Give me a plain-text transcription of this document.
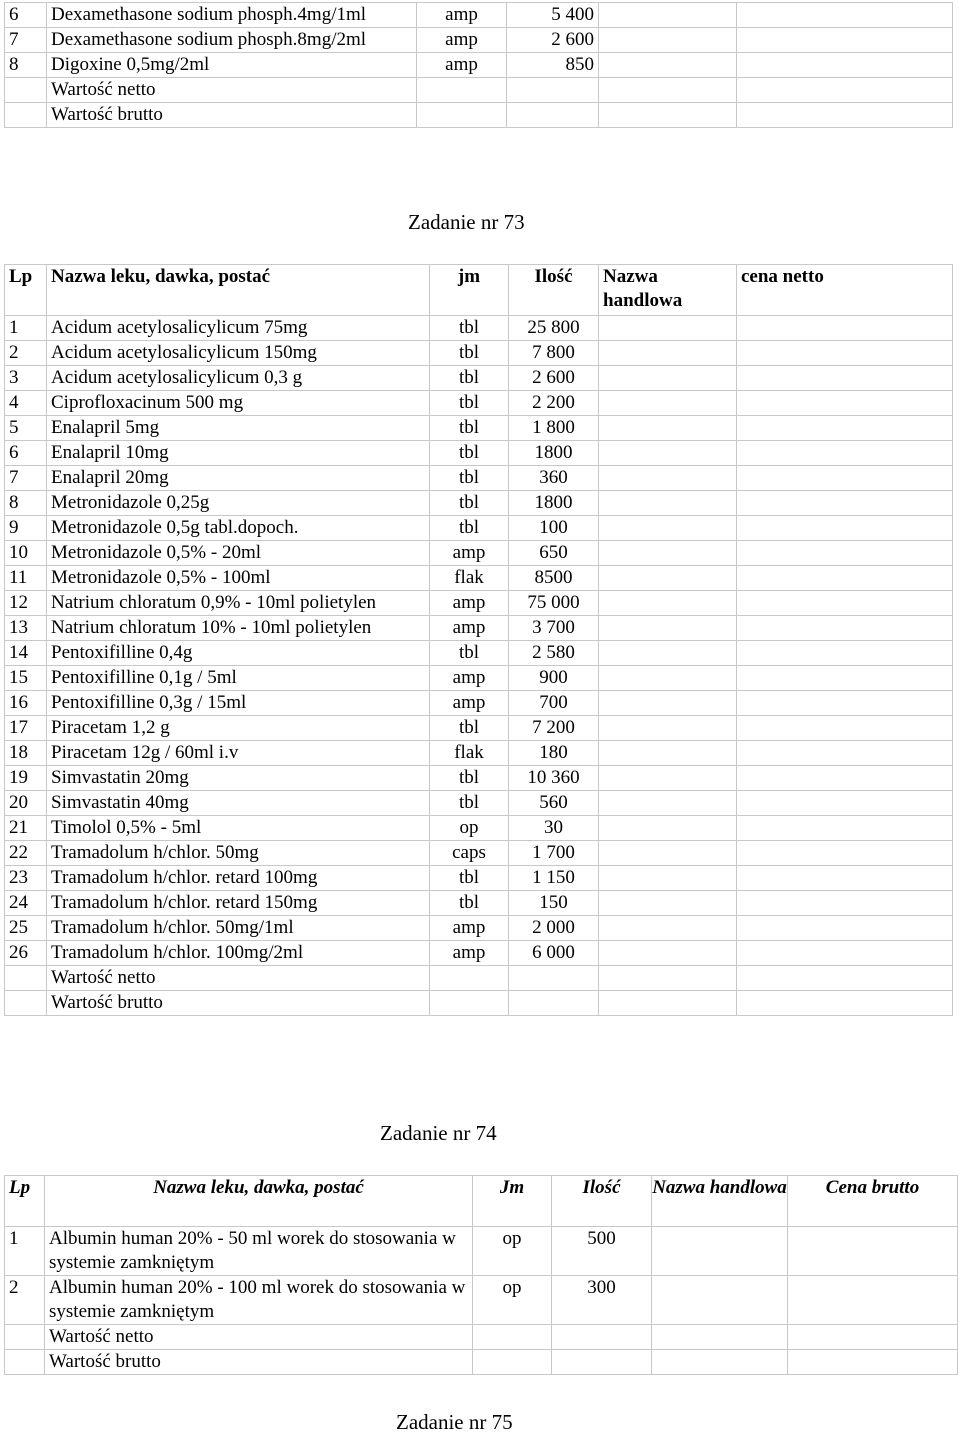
6	Dexamethasone sodium phosph.4mg/1ml	amp	5 400		
7	Dexamethasone sodium phosph.8mg/2ml	amp	2 600		
8	Digoxine 0,5mg/2ml	amp	850		
	Wartość netto				
	Wartość brutto				
Zadanie nr 73
Lp	Nazwa leku, dawka, postać	jm	Ilość	Nazwa handlowa	cena netto
1	Acidum acetylosalicylicum 75mg	tbl	25 800		
2	Acidum acetylosalicylicum 150mg	tbl	7 800		
3	Acidum acetylosalicylicum 0,3 g	tbl	2 600		
4	Ciprofloxacinum 500 mg	tbl	2 200		
5	Enalapril 5mg	tbl	1 800		
6	Enalapril 10mg	tbl	1800		
7	Enalapril 20mg	tbl	360		
8	Metronidazole 0,25g	tbl	1800		
9	Metronidazole 0,5g tabl.dopoch.	tbl	100		
10	Metronidazole 0,5% - 20ml	amp	650		
11	Metronidazole 0,5% - 100ml	flak	8500		
12	Natrium chloratum 0,9% - 10ml polietylen	amp	75 000		
13	Natrium chloratum 10% - 10ml polietylen	amp	3 700		
14	Pentoxifilline 0,4g	tbl	2 580		
15	Pentoxifilline 0,1g / 5ml	amp	900		
16	Pentoxifilline 0,3g / 15ml	amp	700		
17	Piracetam 1,2 g	tbl	7 200		
18	Piracetam 12g / 60ml i.v	flak	180		
19	Simvastatin 20mg	tbl	10 360		
20	Simvastatin 40mg	tbl	560		
21	Timolol 0,5% - 5ml	op	30		
22	Tramadolum h/chlor. 50mg	caps	1 700		
23	Tramadolum h/chlor. retard 100mg	tbl	1 150		
24	Tramadolum h/chlor. retard 150mg	tbl	150		
25	Tramadolum h/chlor. 50mg/1ml	amp	2 000		
26	Tramadolum h/chlor. 100mg/2ml	amp	6 000		
	Wartość netto				
	Wartość brutto				
Zadanie nr 74
Lp	Nazwa leku, dawka, postać	Jm	Ilość	Nazwa handlowa	Cena brutto
1	Albumin human 20% - 50 ml worek do stosowania w systemie zamkniętym	op	500		
2	Albumin human 20% - 100 ml worek do stosowania w systemie zamkniętym	op	300		
	Wartość netto				
	Wartość brutto				
Zadanie nr 75
